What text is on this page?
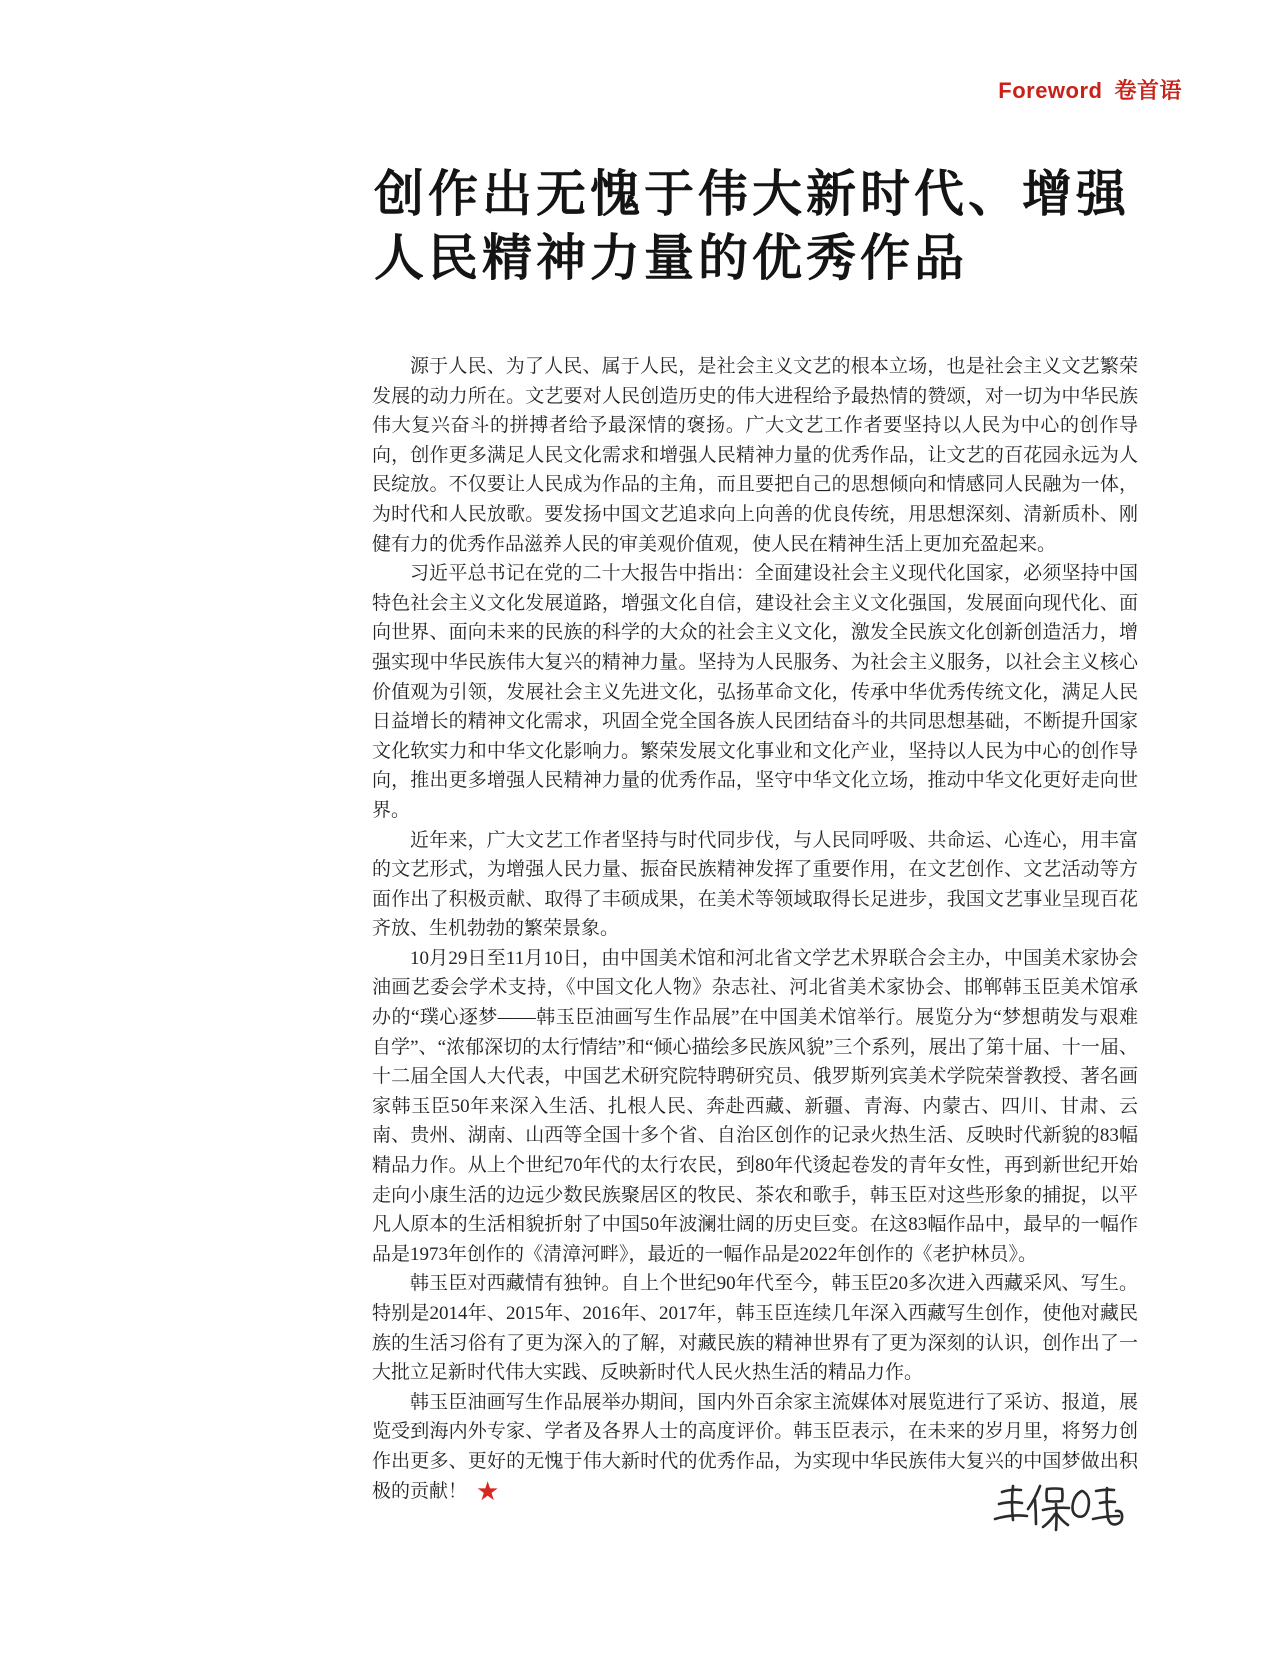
Foreword 卷首语
创作出无愧于伟大新时代、增强
人民精神力量的优秀作品

源于人民、为了人民、属于人民，是社会主义文艺的根本立场，也是社会主义文艺繁荣发展的动力所在。文艺要对人民创造历史的伟大进程给予最热情的赞颂，对一切为中华民族伟大复兴奋斗的拼搏者给予最深情的褒扬。广大文艺工作者要坚持以人民为中心的创作导向，创作更多满足人民文化需求和增强人民精神力量的优秀作品，让文艺的百花园永远为人民绽放。不仅要让人民成为作品的主角，而且要把自己的思想倾向和情感同人民融为一体，为时代和人民放歌。要发扬中国文艺追求向上向善的优良传统，用思想深刻、清新质朴、刚健有力的优秀作品滋养人民的审美观价值观，使人民在精神生活上更加充盈起来。

习近平总书记在党的二十大报告中指出：全面建设社会主义现代化国家，必须坚持中国特色社会主义文化发展道路，增强文化自信，建设社会主义文化强国，发展面向现代化、面向世界、面向未来的民族的科学的大众的社会主义文化，激发全民族文化创新创造活力，增强实现中华民族伟大复兴的精神力量。坚持为人民服务、为社会主义服务，以社会主义核心价值观为引领，发展社会主义先进文化，弘扬革命文化，传承中华优秀传统文化，满足人民日益增长的精神文化需求，巩固全党全国各族人民团结奋斗的共同思想基础，不断提升国家文化软实力和中华文化影响力。繁荣发展文化事业和文化产业，坚持以人民为中心的创作导向，推出更多增强人民精神力量的优秀作品，坚守中华文化立场，推动中华文化更好走向世界。

近年来，广大文艺工作者坚持与时代同步伐，与人民同呼吸、共命运、心连心，用丰富的文艺形式，为增强人民力量、振奋民族精神发挥了重要作用，在文艺创作、文艺活动等方面作出了积极贡献、取得了丰硕成果，在美术等领域取得长足进步，我国文艺事业呈现百花齐放、生机勃勃的繁荣景象。

10月29日至11月10日，由中国美术馆和河北省文学艺术界联合会主办，中国美术家协会油画艺委会学术支持，《中国文化人物》杂志社、河北省美术家协会、邯郸韩玉臣美术馆承办的“璞心逐梦——韩玉臣油画写生作品展”在中国美术馆举行。展览分为“梦想萌发与艰难自学”、“浓郁深切的太行情结”和“倾心描绘多民族风貌”三个系列，展出了第十届、十一届、十二届全国人大代表，中国艺术研究院特聘研究员、俄罗斯列宾美术学院荣誉教授、著名画家韩玉臣50年来深入生活、扎根人民、奔赴西藏、新疆、青海、内蒙古、四川、甘肃、云南、贵州、湖南、山西等全国十多个省、自治区创作的记录火热生活、反映时代新貌的83幅精品力作。从上个世纪70年代的太行农民，到80年代烫起卷发的青年女性，再到新世纪开始走向小康生活的边远少数民族聚居区的牧民、茶农和歌手，韩玉臣对这些形象的捕捉，以平凡人原本的生活相貌折射了中国50年波澜壮阔的历史巨变。在这83幅作品中，最早的一幅作品是1973年创作的《清漳河畔》，最近的一幅作品是2022年创作的《老护林员》。

韩玉臣对西藏情有独钟。自上个世纪90年代至今，韩玉臣20多次进入西藏采风、写生。特别是2014年、2015年、2016年、2017年，韩玉臣连续几年深入西藏写生创作，使他对藏民族的生活习俗有了更为深入的了解，对藏民族的精神世界有了更为深刻的认识，创作出了一大批立足新时代伟大实践、反映新时代人民火热生活的精品力作。

韩玉臣油画写生作品展举办期间，国内外百余家主流媒体对展览进行了采访、报道，展览受到海内外专家、学者及各界人士的高度评价。韩玉臣表示，在未来的岁月里，将努力创作出更多、更好的无愧于伟大新时代的优秀作品，为实现中华民族伟大复兴的中国梦做出积极的贡献！ ★
